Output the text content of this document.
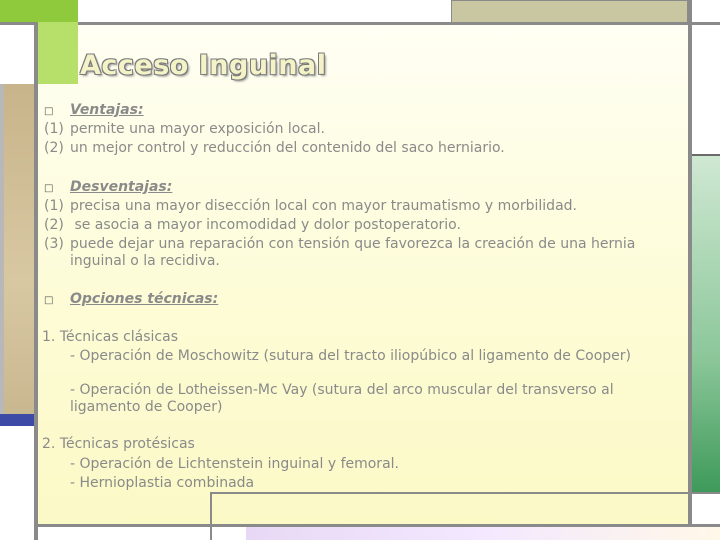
Acceso Inguinal
□ Ventajas:
(1) permite una mayor exposición local.
(2) un mejor control y reducción del contenido del saco herniario.
□ Desventajas:
(1) precisa una mayor disección local con mayor traumatismo y morbilidad.
(2) se asocia a mayor incomodidad y dolor postoperatorio.
(3) puede dejar una reparación con tensión que favorezca la creación de una hernia inguinal o la recidiva.
□ Opciones técnicas:
1. Técnicas clásicas
- Operación de Moschowitz (sutura del tracto iliopúbico al ligamento de Cooper)
- Operación de Lotheissen-Mc Vay (sutura del arco muscular del transverso al ligamento de Cooper)
2. Técnicas protésicas
- Operación de Lichtenstein inguinal y femoral.
- Hernioplastia combinada
